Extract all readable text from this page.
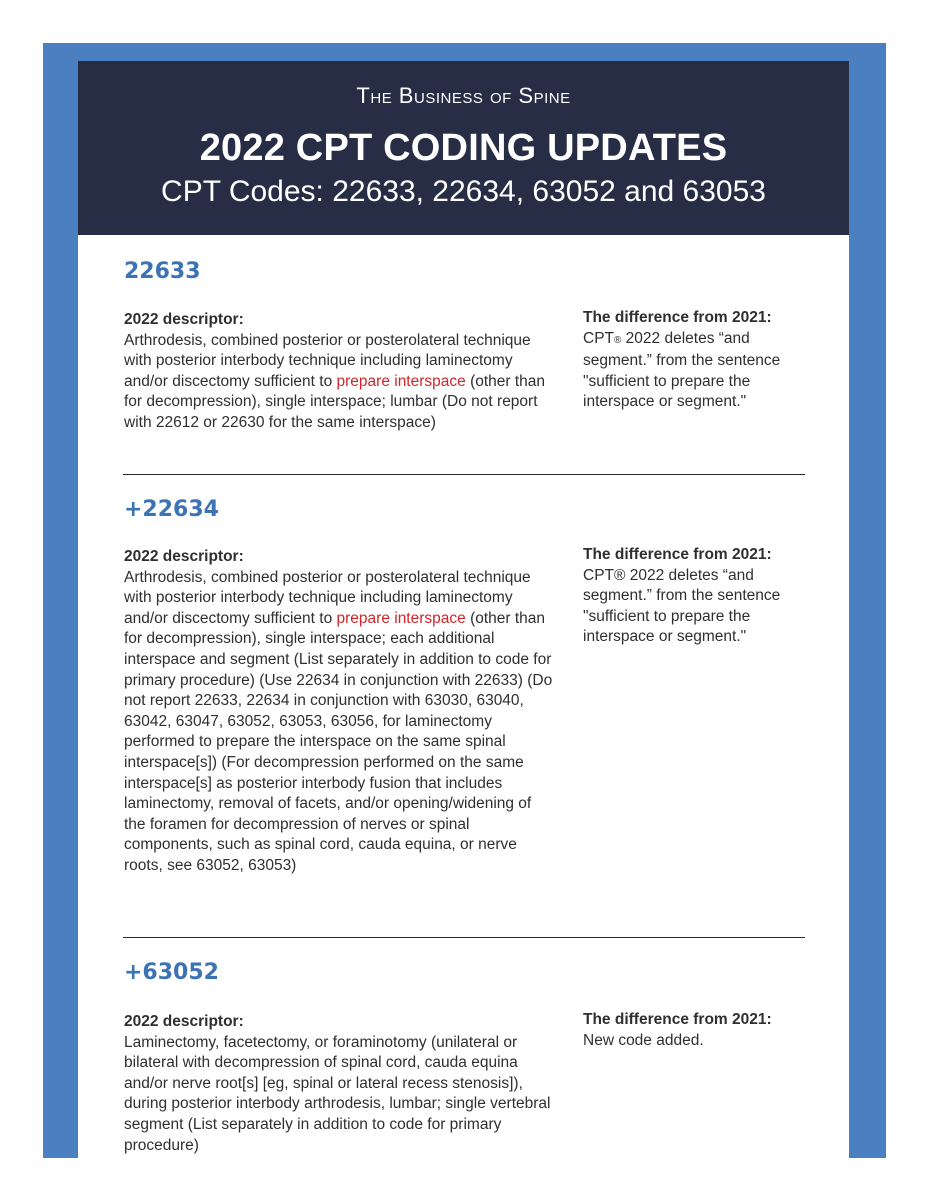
The Business of Spine
2022 CPT CODING UPDATES
CPT Codes: 22633, 22634, 63052 and 63053
22633
2022 descriptor:
Arthrodesis, combined posterior or posterolateral technique with posterior interbody technique including laminectomy and/or discectomy sufficient to prepare interspace (other than for decompression), single interspace; lumbar (Do not report with 22612 or 22630 for the same interspace)
The difference from 2021:
CPT® 2022 deletes “and segment.” from the sentence "sufficient to prepare the interspace or segment."
+22634
2022 descriptor:
Arthrodesis, combined posterior or posterolateral technique with posterior interbody technique including laminectomy and/or discectomy sufficient to prepare interspace (other than for decompression), single interspace; each additional interspace and segment (List separately in addition to code for primary procedure) (Use 22634 in conjunction with 22633) (Do not report 22633, 22634 in conjunction with 63030, 63040, 63042, 63047, 63052, 63053, 63056, for laminectomy performed to prepare the interspace on the same spinal interspace[s]) (For decompression performed on the same interspace[s] as posterior interbody fusion that includes laminectomy, removal of facets, and/or opening/widening of the foramen for decompression of nerves or spinal components, such as spinal cord, cauda equina, or nerve roots, see 63052, 63053)
The difference from 2021:
CPT® 2022 deletes “and segment.” from the sentence "sufficient to prepare the interspace or segment."
+63052
2022 descriptor:
Laminectomy, facetectomy, or foraminotomy (unilateral or bilateral with decompression of spinal cord, cauda equina and/or nerve root[s] [eg, spinal or lateral recess stenosis]), during posterior interbody arthrodesis, lumbar; single vertebral segment (List separately in addition to code for primary procedure)
The difference from 2021:
New code added.
